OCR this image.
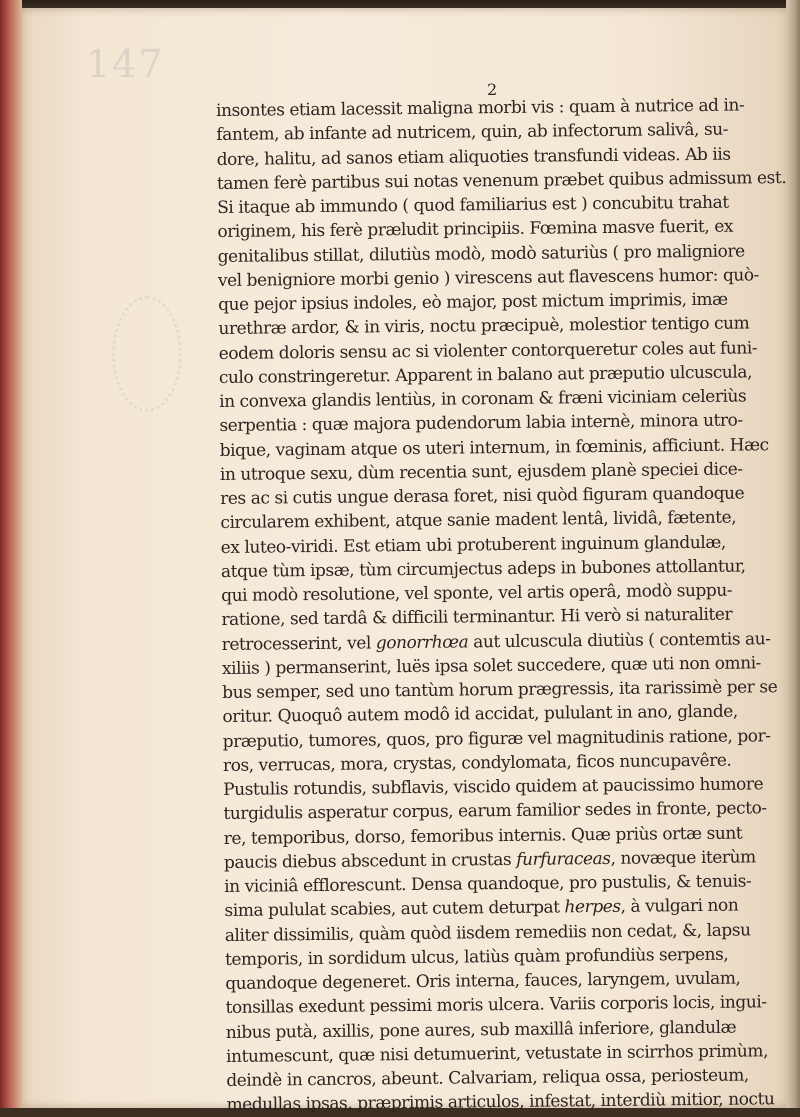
147
2
insontes etiam lacessit maligna morbi vis : quam à nutrice ad in-
fantem, ab infante ad nutricem, quin, ab infectorum salivâ, su-
dore, halitu, ad sanos etiam aliquoties transfundi videas. Ab iis
tamen ferè partibus sui notas venenum præbet quibus admissum est.
Si itaque ab immundo ( quod familiarius est ) concubitu trahat
originem, his ferè præludit principiis. Fœmina masve fuerit, ex
genitalibus stillat, dilutiùs modò, modò saturiùs ( pro maligniore
vel benigniore morbi genio ) virescens aut flavescens humor: quò-
que pejor ipsius indoles, eò major, post mictum imprimis, imæ
urethræ ardor, & in viris, noctu præcipuè, molestior tentigo cum
eodem doloris sensu ac si violenter contorqueretur coles aut funi-
culo constringeretur. Apparent in balano aut præputio ulcuscula,
in convexa glandis lentiùs, in coronam & fræni viciniam celeriùs
serpentia : quæ majora pudendorum labia internè, minora utro-
bique, vaginam atque os uteri internum, in fœminis, afficiunt. Hæc
in utroque sexu, dùm recentia sunt, ejusdem planè speciei dice-
res ac si cutis ungue derasa foret, nisi quòd figuram quandoque
circularem exhibent, atque sanie madent lentâ, lividâ, fætente,
ex luteo-viridi. Est etiam ubi protuberent inguinum glandulæ,
atque tùm ipsæ, tùm circumjectus adeps in bubones attollantur,
qui modò resolutione, vel sponte, vel artis operâ, modò suppu-
ratione, sed tardâ & difficili terminantur. Hi verò si naturaliter
retrocesserint, vel gonorrhœa aut ulcuscula diutiùs ( contemtis au-
xiliis ) permanserint, luës ipsa solet succedere, quæ uti non omni-
bus semper, sed uno tantùm horum prægressis, ita rarissimè per se
oritur. Quoquô autem modô id accidat, pululant in ano, glande,
præputio, tumores, quos, pro figuræ vel magnitudinis ratione, por-
ros, verrucas, mora, crystas, condylomata, ficos nuncupavêre.
Pustulis rotundis, subflavis, viscido quidem at paucissimo humore
turgidulis asperatur corpus, earum familior sedes in fronte, pecto-
re, temporibus, dorso, femoribus internis. Quæ priùs ortæ sunt
paucis diebus abscedunt in crustas furfuraceas, novæque iterùm
in viciniâ efflorescunt. Densa quandoque, pro pustulis, & tenuis-
sima pululat scabies, aut cutem deturpat herpes, à vulgari non
aliter dissimilis, quàm quòd iisdem remediis non cedat, &, lapsu
temporis, in sordidum ulcus, latiùs quàm profundiùs serpens,
quandoque degeneret. Oris interna, fauces, laryngem, uvulam,
tonsillas exedunt pessimi moris ulcera. Variis corporis locis, ingui-
nibus putà, axillis, pone aures, sub maxillâ inferiore, glandulæ
intumescunt, quæ nisi detumuerint, vetustate in scirrhos primùm,
deindè in cancros, abeunt. Calvariam, reliqua ossa, periosteum,
medullas ipsas, præprimis articulos, infestat, interdiù mitior, noctu
